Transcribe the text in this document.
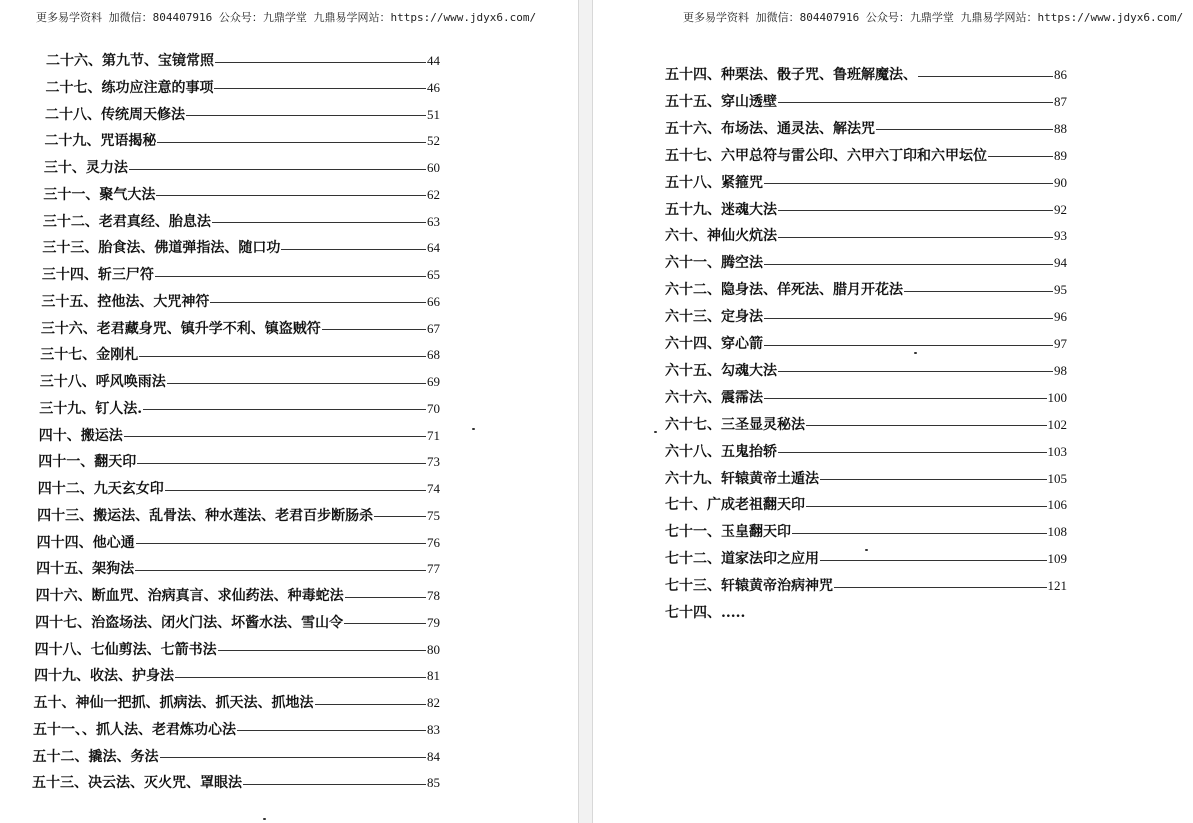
更多易学资料 加微信：804407916 公众号：九鼎学堂 九鼎易学网站：https://www.jdyx6.com/
二十六、第九节、宝镜常照	44
二十七、练功应注意的事项	46
二十八、传统周天修法	51
二十九、咒语揭秘	52
三十、灵力法	60
三十一、聚气大法	62
三十二、老君真经、胎息法	63
三十三、胎食法、佛道弹指法、随口功	64
三十四、斩三尸符	65
三十五、控他法、大咒神符	66
三十六、老君藏身咒、镇升学不利、镇盗贼符	67
三十七、金刚札	68
三十八、呼风唤雨法	69
三十九、钉人法.	70
四十、搬运法	71
四十一、翻天印	73
四十二、九天玄女印	74
四十三、搬运法、乱骨法、种水莲法、老君百步断肠杀	75
四十四、他心通	76
四十五、架狗法	77
四十六、断血咒、治病真言、求仙药法、种毒蛇法	78
四十七、治盗场法、闭火门法、坏酱水法、雪山令	79
四十八、七仙剪法、七箭书法	80
四十九、收法、护身法	81
五十、神仙一把抓、抓病法、抓天法、抓地法	82
五十一、、抓人法、老君炼功心法	83
五十二、撬法、务法	84
五十三、决云法、灭火咒、罩眼法	85
更多易学资料 加微信：804407916 公众号：九鼎学堂 九鼎易学网站：https://www.jdyx6.com/
五十四、种栗法、骰子咒、鲁班解魔法、	86
五十五、穿山透壁	87
五十六、布场法、通灵法、解法咒	88
五十七、六甲总符与雷公印、六甲六丁印和六甲坛位	89
五十八、紧箍咒	90
五十九、迷魂大法	92
六十、神仙火炕法	93
六十一、腾空法	94
六十二、隐身法、佯死法、腊月开花法	95
六十三、定身法	96
六十四、穿心箭	97
六十五、勾魂大法	98
六十六、震霈法	100
六十七、三圣显灵秘法	102
六十八、五鬼抬轿	103
六十九、轩辕黄帝土遁法	105
七十、广成老祖翻天印	106
七十一、玉皇翻天印	108
七十二、道家法印之应用	109
七十三、轩辕黄帝治病神咒	121
七十四、.....
